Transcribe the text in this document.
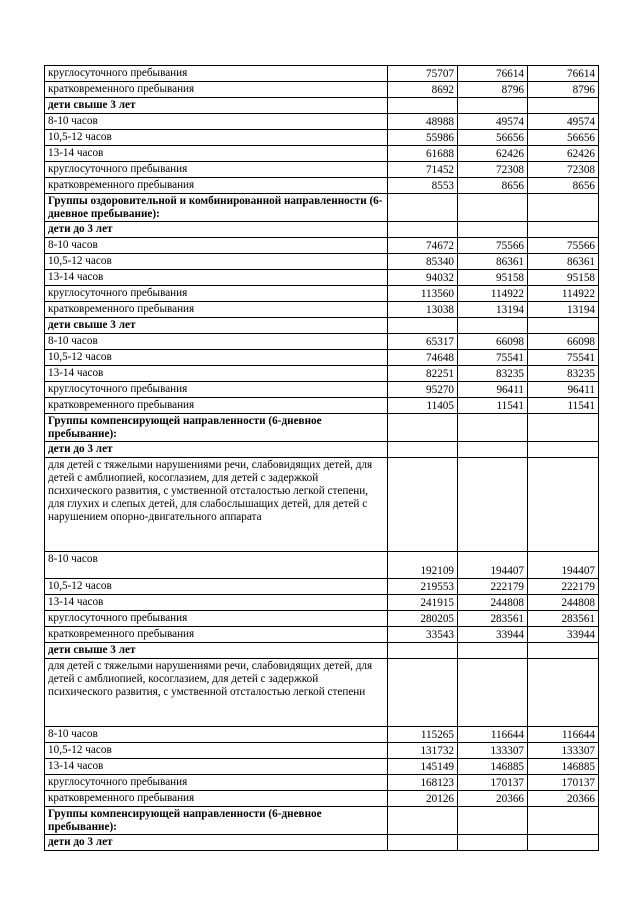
круглосуточного пребывания	75707	76614	76614
кратковременного пребывания	8692	8796	8796
дети свыше 3 лет			
8-10 часов	48988	49574	49574
10,5-12 часов	55986	56656	56656
13-14 часов	61688	62426	62426
круглосуточного пребывания	71452	72308	72308
кратковременного пребывания	8553	8656	8656
Группы оздоровительной и комбинированной направленности (6-дневное пребывание):			
дети до 3 лет			
8-10 часов	74672	75566	75566
10,5-12 часов	85340	86361	86361
13-14 часов	94032	95158	95158
круглосуточного пребывания	113560	114922	114922
кратковременного пребывания	13038	13194	13194
дети свыше 3 лет			
8-10 часов	65317	66098	66098
10,5-12 часов	74648	75541	75541
13-14 часов	82251	83235	83235
круглосуточного пребывания	95270	96411	96411
кратковременного пребывания	11405	11541	11541
Группы компенсирующей направленности (6-дневное пребывание):			
дети до 3 лет			
для детей с тяжелыми нарушениями речи, слабовидящих детей, для детей с амблиопией, косоглазием, для детей с задержкой психического развития, с умственной отсталостью легкой степени, для глухих и слепых детей, для слабослышащих детей, для детей с нарушением опорно-двигательного аппарата			
8-10 часов	192109	194407	194407
10,5-12 часов	219553	222179	222179
13-14 часов	241915	244808	244808
круглосуточного пребывания	280205	283561	283561
кратковременного пребывания	33543	33944	33944
дети свыше 3 лет			
для детей с тяжелыми нарушениями речи, слабовидящих детей, для детей с амблиопией, косоглазием, для детей с задержкой психического развития, с умственной отсталостью легкой степени			
8-10 часов	115265	116644	116644
10,5-12 часов	131732	133307	133307
13-14 часов	145149	146885	146885
круглосуточного пребывания	168123	170137	170137
кратковременного пребывания	20126	20366	20366
Группы компенсирующей направленности (6-дневное пребывание):			
дети до 3 лет			
